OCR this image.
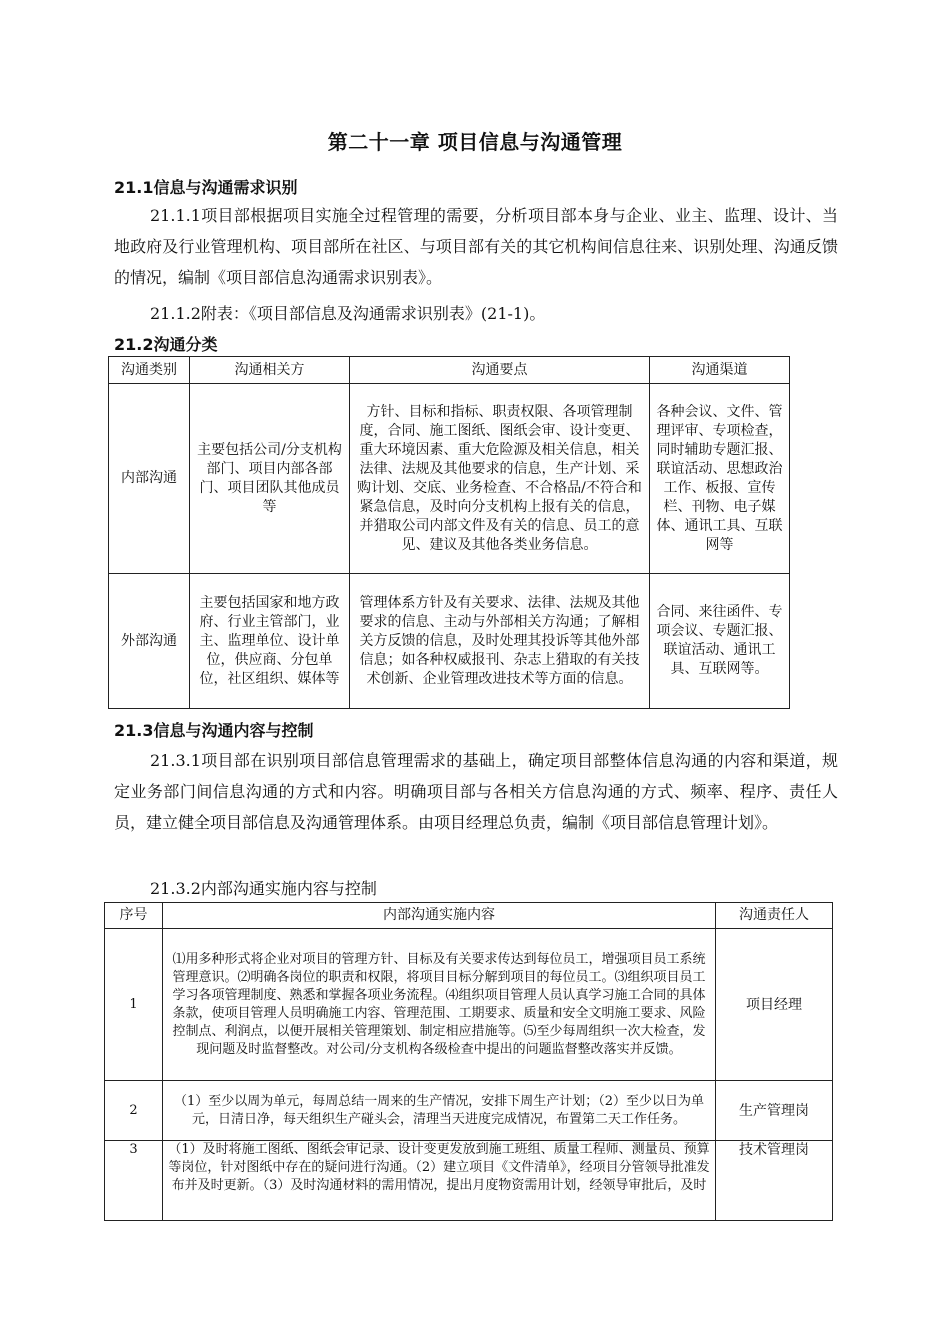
第二十一章 项目信息与沟通管理
21.1信息与沟通需求识别
21.1.1项目部根据项目实施全过程管理的需要，分析项目部本身与企业、业主、监理、设计、当地政府及行业管理机构、项目部所在社区、与项目部有关的其它机构间信息往来、识别处理、沟通反馈的情况，编制《项目部信息沟通需求识别表》。
21.1.2附表：《项目部信息及沟通需求识别表》(21-1)。
21.2沟通分类
沟通类别	沟通相关方	沟通要点	沟通渠道
内部沟通	主要包括公司/分支机构部门、项目内部各部门、项目团队其他成员等	方针、目标和指标、职责权限、各项管理制度，合同、施工图纸、图纸会审、设计变更、重大环境因素、重大危险源及相关信息，相关法律、法规及其他要求的信息，生产计划、采购计划、交底、业务检查、不合格品/不符合和紧急信息，及时向分支机构上报有关的信息，并猎取公司内部文件及有关的信息、员工的意见、建议及其他各类业务信息。	各种会议、文件、管理评审、专项检查，同时辅助专题汇报、联谊活动、思想政治工作、板报、宣传栏、刊物、电子媒体、通讯工具、互联网等
外部沟通	主要包括国家和地方政府、行业主管部门，业主、监理单位、设计单位，供应商、分包单位，社区组织、媒体等	管理体系方针及有关要求、法律、法规及其他要求的信息、主动与外部相关方沟通；了解相关方反馈的信息，及时处理其投诉等其他外部信息；如各种权威报刊、杂志上猎取的有关技术创新、企业管理改进技术等方面的信息。	合同、来往函件、专项会议、专题汇报、联谊活动、通讯工具、互联网等。
21.3信息与沟通内容与控制
21.3.1项目部在识别项目部信息管理需求的基础上，确定项目部整体信息沟通的内容和渠道，规定业务部门间信息沟通的方式和内容。明确项目部与各相关方信息沟通的方式、频率、程序、责任人员，建立健全项目部信息及沟通管理体系。由项目经理总负责，编制《项目部信息管理计划》。
21.3.2内部沟通实施内容与控制
序号	内部沟通实施内容	沟通责任人
1	⑴用多种形式将企业对项目的管理方针、目标及有关要求传达到每位员工，增强项目员工系统管理意识。⑵明确各岗位的职责和权限，将项目目标分解到项目的每位员工。⑶组织项目员工学习各项管理制度、熟悉和掌握各项业务流程。⑷组织项目管理人员认真学习施工合同的具体条款，使项目管理人员明确施工内容、管理范围、工期要求、质量和安全文明施工要求、风险控制点、利润点，以便开展相关管理策划、制定相应措施等。⑸至少每周组织一次大检查，发现问题及时监督整改。对公司/分支机构各级检查中提出的问题监督整改落实并反馈。	项目经理
2	（1）至少以周为单元，每周总结一周来的生产情况，安排下周生产计划；（2）至少以日为单元，日清日净，每天组织生产碰头会，清理当天进度完成情况，布置第二天工作任务。	生产管理岗
3	（1）及时将施工图纸、图纸会审记录、设计变更发放到施工班组、质量工程师、测量员、预算等岗位，针对图纸中存在的疑问进行沟通。（2）建立项目《文件清单》，经项目分管领导批准发布并及时更新。（3）及时沟通材料的需用情况，提出月度物资需用计划，经领导审批后，及时	技术管理岗
